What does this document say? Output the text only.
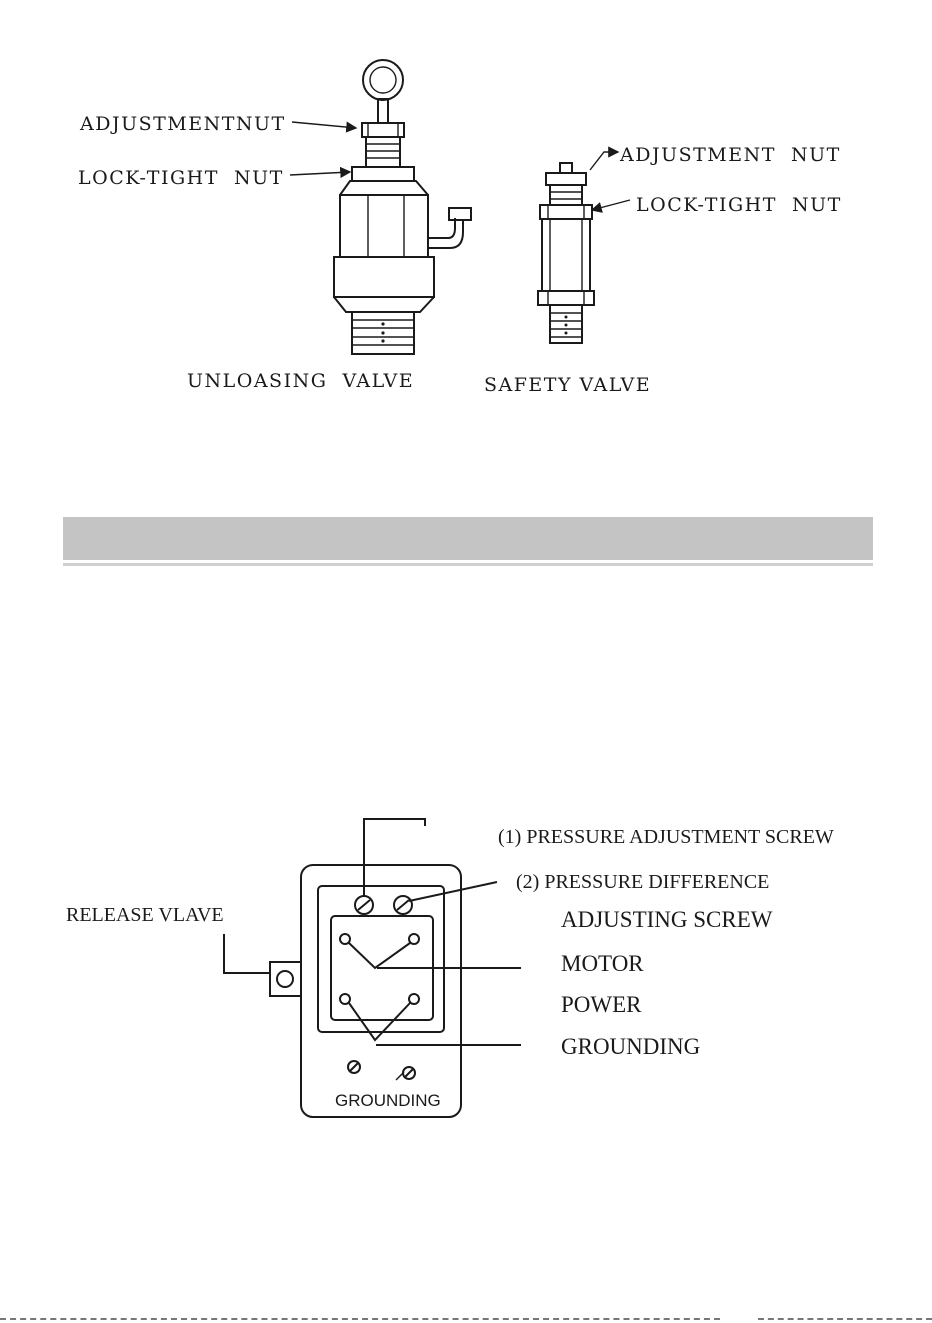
ADJUSTMENTNUT
LOCK-TIGHT  NUT
UNLOASING  VALVE
ADJUSTMENT  NUT
LOCK-TIGHT  NUT
SAFETY VALVE
(1) PRESSURE ADJUSTMENT SCREW
(2) PRESSURE DIFFERENCE
ADJUSTING SCREW
MOTOR
POWER
GROUNDING
RELEASE VLAVE
GROUNDING
